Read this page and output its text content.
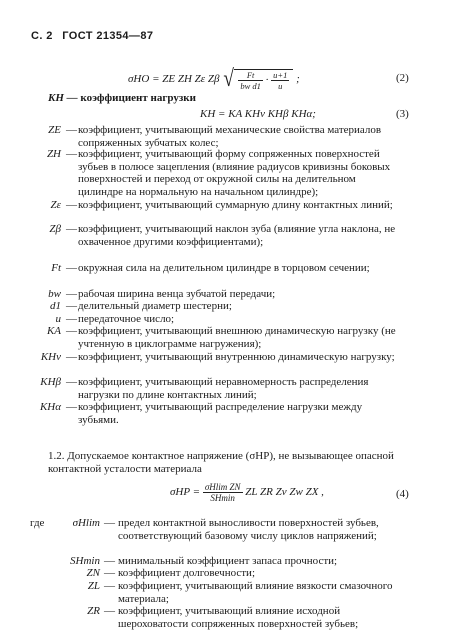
С. 2 ГОСТ 21354—87
σHO = ZE ZH Zε Zβ √ $\frac{Ft}{\text{bw d1}} \cdot \frac{u+1}{u}$ ;	(2)
KH — коэффициент нагрузки
KH = KA KHv KHβ KHα;	(3)
ZE — коэффициент, учитывающий механические свойства материалов сопряженных зубчатых колес;
ZH — коэффициент, учитывающий форму сопряженных поверхностей зубьев в полюсе зацепления (влияние радиусов кривизны боковых поверхностей и переход от окружной силы на делительном цилиндре на нормальную на начальном цилиндре);
Zε — коэффициент, учитывающий суммарную длину контактных линий;
Zβ — коэффициент, учитывающий наклон зуба (влияние угла наклона, не охваченное другими коэффициентами);
Ft — окружная сила на делительном цилиндре в торцовом сечении;
bw — рабочая ширина венца зубчатой передачи;
d1 — делительный диаметр шестерни;
u — передаточное число;
KA — коэффициент, учитывающий внешнюю динамическую нагрузку (не учтенную в циклограмме нагружения);
KHv — коэффициент, учитывающий внутреннюю динамическую нагрузку;
KHβ — коэффициент, учитывающий неравномерность распределения нагрузки по длине контактных линий;
KHα — коэффициент, учитывающий распределение нагрузки между зубьями.
1.2. Допускаемое контактное напряжение (σHP), не вызывающее опасной контактной усталости материала
$\sigma HP = \frac{\text{σHlim ZN}}{SHmin}$ ZL ZR Zv Zw ZX ,	(4)
где	σHlim — предел контактной выносливости поверхностей зубьев, соответствующий базовому числу циклов напряжений;
SHmin — минимальный коэффициент запаса прочности;
ZN — коэффициент долговечности;
ZL — коэффициент, учитывающий влияние вязкости смазочного материала;
ZR — коэффициент, учитывающий влияние исходной шероховатости сопряженных поверхностей зубьев;
